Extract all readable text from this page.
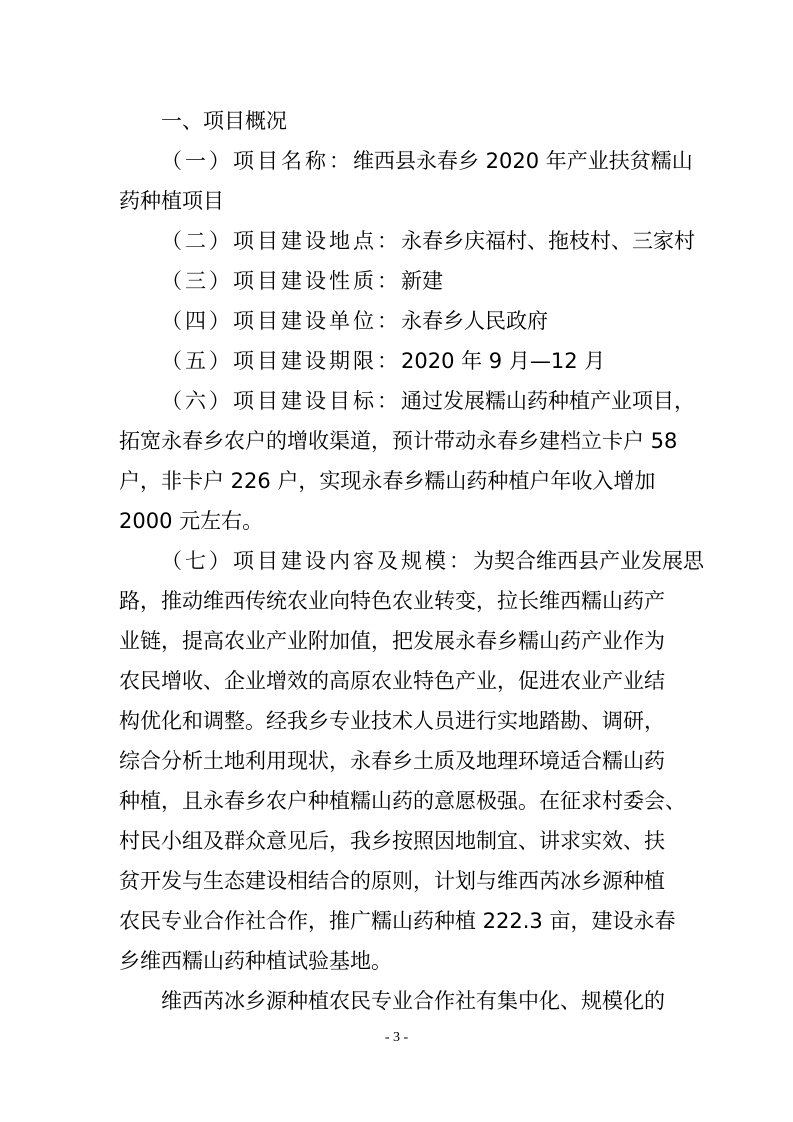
一、项目概况
（一）项目名称：维西县永春乡 2020 年产业扶贫糯山
药种植项目
（二）项目建设地点：永春乡庆福村、拖枝村、三家村
（三）项目建设性质：新建
（四）项目建设单位：永春乡人民政府
（五）项目建设期限：2020 年 9 月—12 月
（六）项目建设目标：通过发展糯山药种植产业项目，
拓宽永春乡农户的增收渠道，预计带动永春乡建档立卡户 58
户，非卡户 226 户，实现永春乡糯山药种植户年收入增加
2000 元左右。
（七）项目建设内容及规模：为契合维西县产业发展思
路，推动维西传统农业向特色农业转变，拉长维西糯山药产
业链，提高农业产业附加值，把发展永春乡糯山药产业作为
农民增收、企业增效的高原农业特色产业，促进农业产业结
构优化和调整。经我乡专业技术人员进行实地踏勘、调研，
综合分析土地利用现状，永春乡土质及地理环境适合糯山药
种植，且永春乡农户种植糯山药的意愿极强。在征求村委会、
村民小组及群众意见后，我乡按照因地制宜、讲求实效、扶
贫开发与生态建设相结合的原则，计划与维西芮冰乡源种植
农民专业合作社合作，推广糯山药种植 222.3 亩，建设永春
乡维西糯山药种植试验基地。
维西芮冰乡源种植农民专业合作社有集中化、规模化的
- 3 -
